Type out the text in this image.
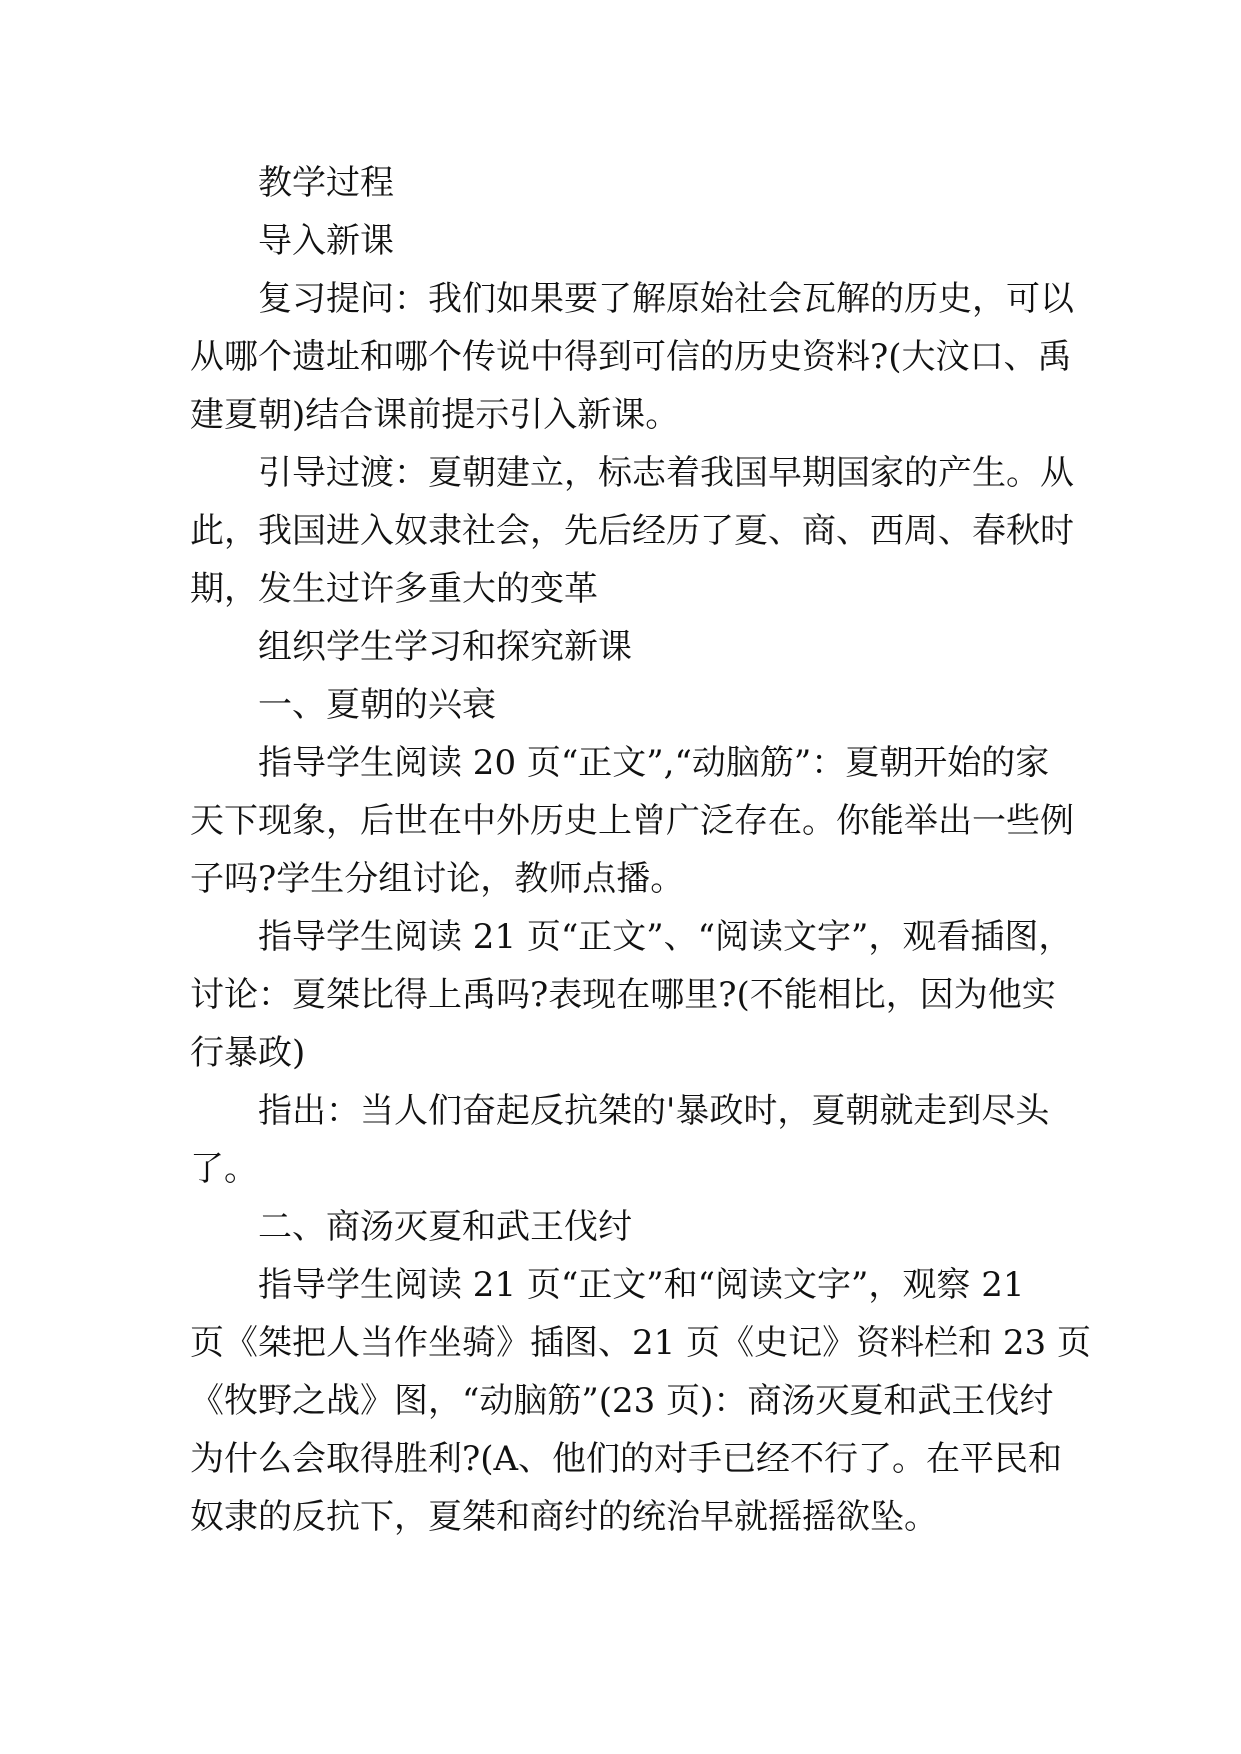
教学过程

导入新课

复习提问：我们如果要了解原始社会瓦解的历史，可以

从哪个遗址和哪个传说中得到可信的历史资料?(大汶口、禹

建夏朝)结合课前提示引入新课。

引导过渡：夏朝建立，标志着我国早期国家的产生。从

此，我国进入奴隶社会，先后经历了夏、商、西周、春秋时

期，发生过许多重大的变革

组织学生学习和探究新课

一、夏朝的兴衰

指导学生阅读 20 页“正文”,“动脑筋”：夏朝开始的家

天下现象，后世在中外历史上曾广泛存在。你能举出一些例

子吗?学生分组讨论，教师点播。

指导学生阅读 21 页“正文”、“阅读文字”，观看插图，

讨论：夏桀比得上禹吗?表现在哪里?(不能相比，因为他实

行暴政)

指出：当人们奋起反抗桀的'暴政时，夏朝就走到尽头

了。

二、商汤灭夏和武王伐纣

指导学生阅读 21 页“正文”和“阅读文字”，观察 21

页《桀把人当作坐骑》插图、21 页《史记》资料栏和 23 页

《牧野之战》图，“动脑筋”(23 页)：商汤灭夏和武王伐纣

为什么会取得胜利?(A、他们的对手已经不行了。在平民和

奴隶的反抗下，夏桀和商纣的统治早就摇摇欲坠。
